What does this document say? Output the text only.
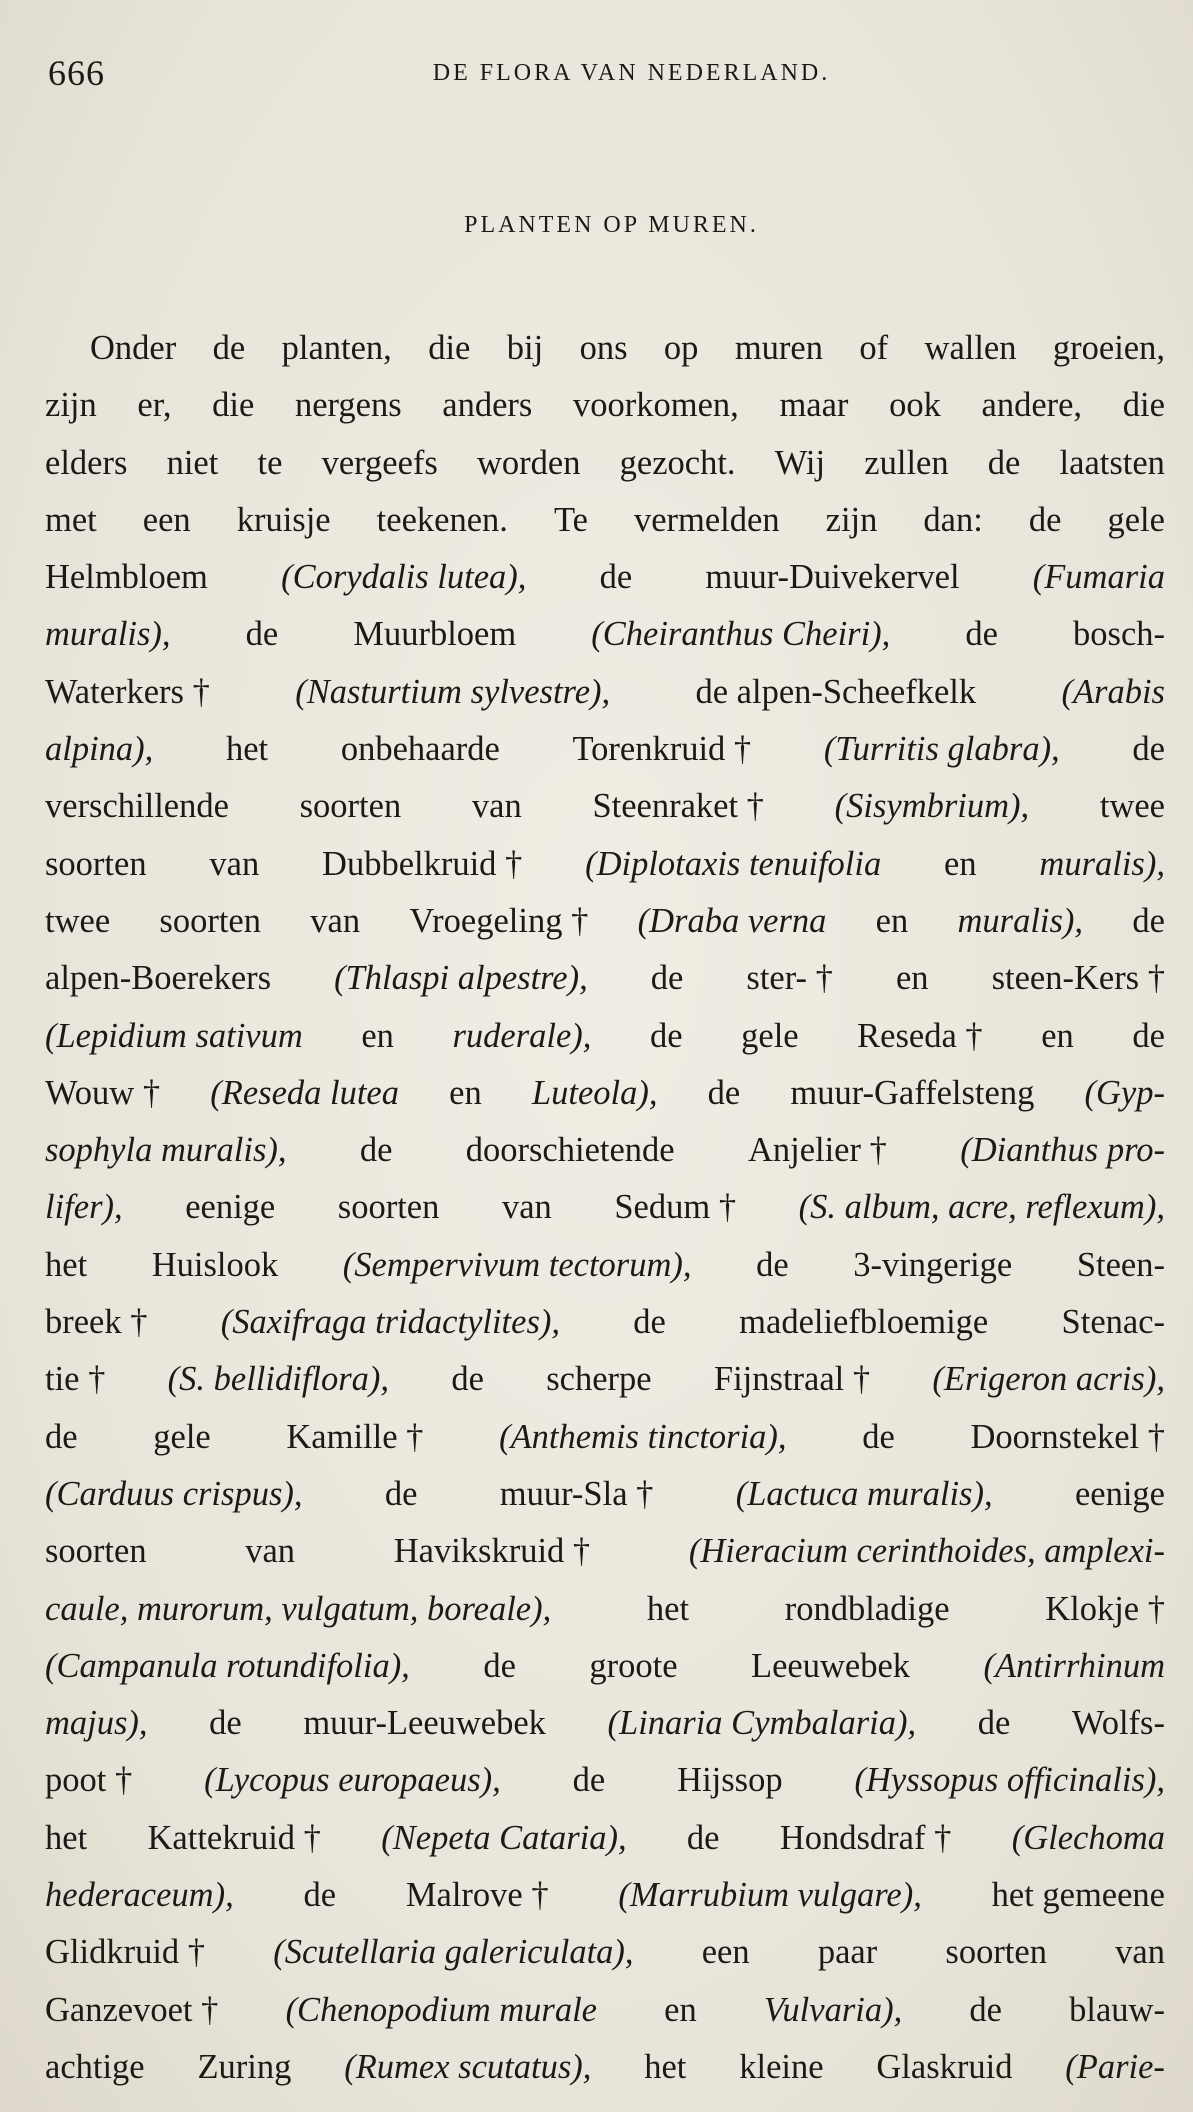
666	DE FLORA VAN NEDERLAND.
PLANTEN OP MUREN.
Onder de planten, die bij ons op muren of wallen groeien,
zijn er, die nergens anders voorkomen, maar ook andere, die
elders niet te vergeefs worden gezocht. Wij zullen de laatsten
met een kruisje teekenen. Te vermelden zijn dan: de gele
Helmbloem (Corydalis lutea), de muur-Duivekervel (Fumaria
muralis), de Muurbloem (Cheiranthus Cheiri), de bosch-
Waterkers † (Nasturtium sylvestre), de alpen-Scheefkelk (Arabis
alpina), het onbehaarde Torenkruid † (Turritis glabra), de
verschillende soorten van Steenraket † (Sisymbrium), twee
soorten van Dubbelkruid † (Diplotaxis tenuifolia en muralis),
twee soorten van Vroegeling † (Draba verna en muralis), de
alpen-Boerekers (Thlaspi alpestre), de ster- † en steen-Kers †
(Lepidium sativum en ruderale), de gele Reseda † en de
Wouw † (Reseda lutea en Luteola), de muur-Gaffelsteng (Gyp-
sophyla muralis), de doorschietende Anjelier † (Dianthus pro-
lifer), eenige soorten van Sedum † (S. album, acre, reflexum),
het Huislook (Sempervivum tectorum), de 3-vingerige Steen-
breek † (Saxifraga tridactylites), de madeliefbloemige Stenac-
tie † (S. bellidiflora), de scherpe Fijnstraal † (Erigeron acris),
de gele Kamille † (Anthemis tinctoria), de Doornstekel †
(Carduus crispus), de muur-Sla † (Lactuca muralis), eenige
soorten	van	Havikskruid †	(Hieracium cerinthoides, amplexi-
caule, murorum, vulgatum, boreale),	het	rondbladige	Klokje †
(Campanula rotundifolia), de groote Leeuwebek (Antirrhinum
majus), de muur-Leeuwebek (Linaria Cymbalaria), de Wolfs-
poot † (Lycopus europaeus), de Hijssop (Hyssopus officinalis),
het Kattekruid † (Nepeta Cataria), de Hondsdraf † (Glechoma
hederaceum), de Malrove † (Marrubium vulgare), het gemeene
Glidkruid † (Scutellaria galericulata), een paar soorten van
Ganzevoet † (Chenopodium murale en Vulvaria), de blauw-
achtige Zuring (Rumex scutatus), het kleine Glaskruid (Parie-
